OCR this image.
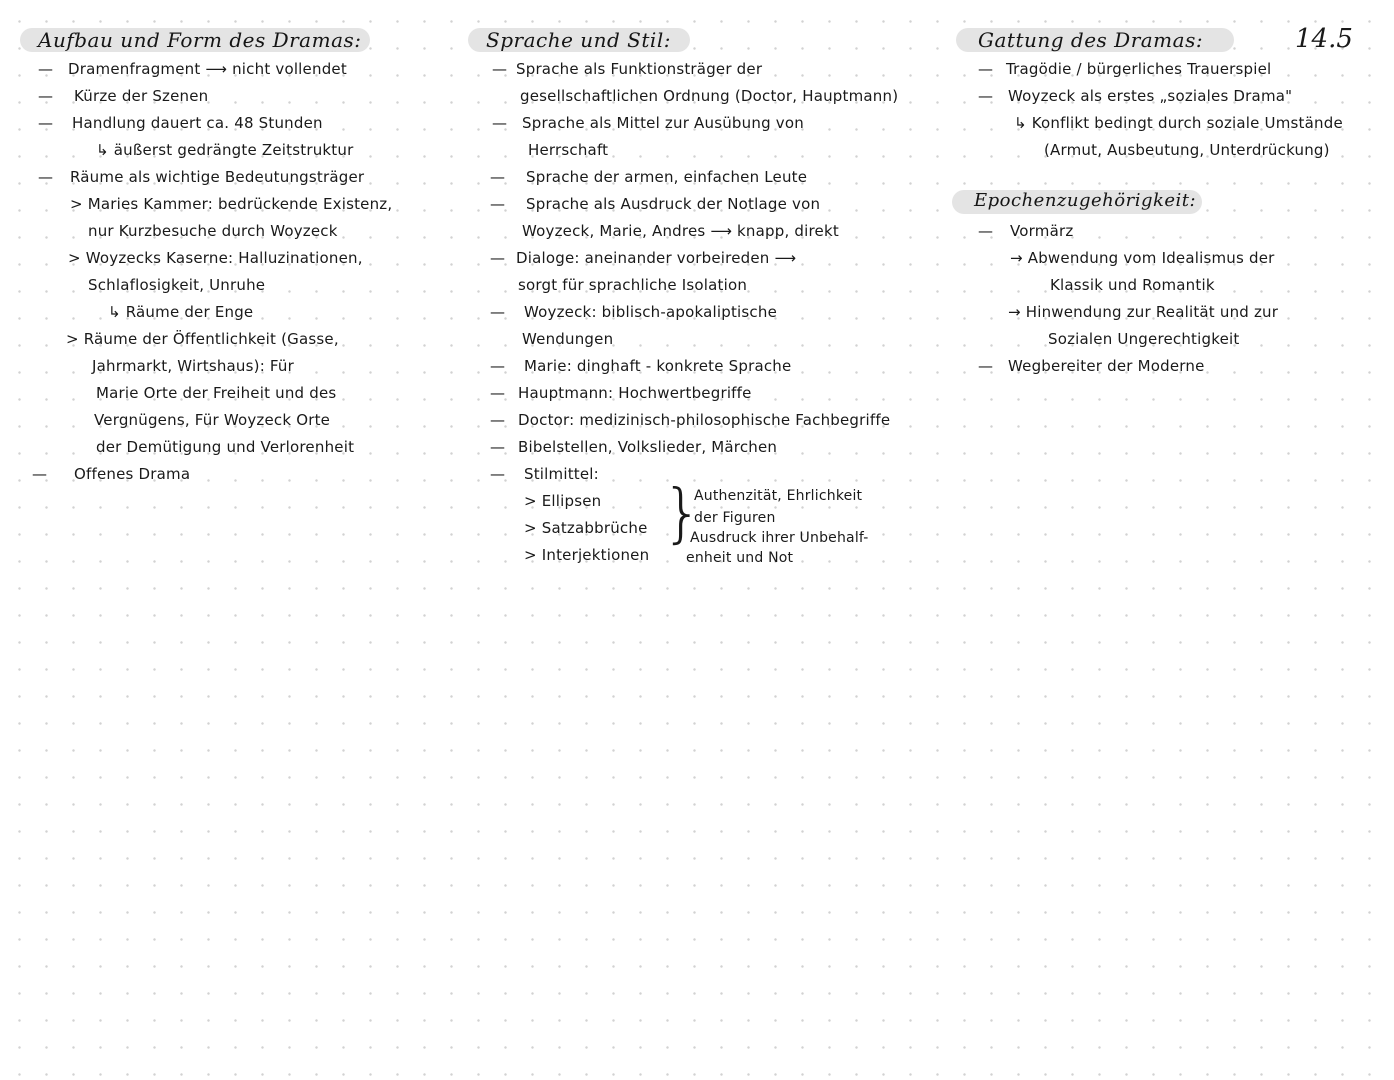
14.5
Aufbau und Form des Dramas:
— Dramenfragment ⟶ nicht vollendet
— Kürze der Szenen
— Handlung dauert ca. 48 Stunden
↳ äußerst gedrängte Zeitstruktur
— Räume als wichtige Bedeutungsträger
> Maries Kammer: bedrückende Existenz,
nur Kurzbesuche durch Woyzeck
> Woyzecks Kaserne: Halluzinationen,
Schlaflosigkeit, Unruhe
↳ Räume der Enge
> Räume der Öffentlichkeit (Gasse,
Jahrmarkt, Wirtshaus): Für
Marie Orte der Freiheit und des
Vergnügens, Für Woyzeck Orte
der Demütigung und Verlorenheit
— Offenes Drama
Sprache und Stil:
— Sprache als Funktionsträger der
gesellschaftlichen Ordnung (Doctor, Hauptmann)
— Sprache als Mittel zur Ausübung von
Herrschaft
— Sprache der armen, einfachen Leute
— Sprache als Ausdruck der Notlage von
Woyzeck, Marie, Andres ⟶ knapp, direkt
— Dialoge: aneinander vorbeireden ⟶
sorgt für sprachliche Isolation
— Woyzeck: biblisch-apokaliptische
Wendungen
— Marie: dinghaft - konkrete Sprache
— Hauptmann: Hochwertbegriffe
— Doctor: medizinisch-philosophische Fachbegriffe
— Bibelstellen, Volkslieder, Märchen
— Stilmittel:
> Ellipsen
> Satzabbrüche
> Interjektionen
}
Authenzität, Ehrlichkeit
der Figuren
Ausdruck ihrer Unbehalf-
enheit und Not
Gattung des Dramas:
— Tragödie / bürgerliches Trauerspiel
— Woyzeck als erstes „soziales Drama"
↳ Konflikt bedingt durch soziale Umstände
(Armut, Ausbeutung, Unterdrückung)
Epochenzugehörigkeit:
— Vormärz
→ Abwendung vom Idealismus der
Klassik und Romantik
→ Hinwendung zur Realität und zur
Sozialen Ungerechtigkeit
— Wegbereiter der Moderne
